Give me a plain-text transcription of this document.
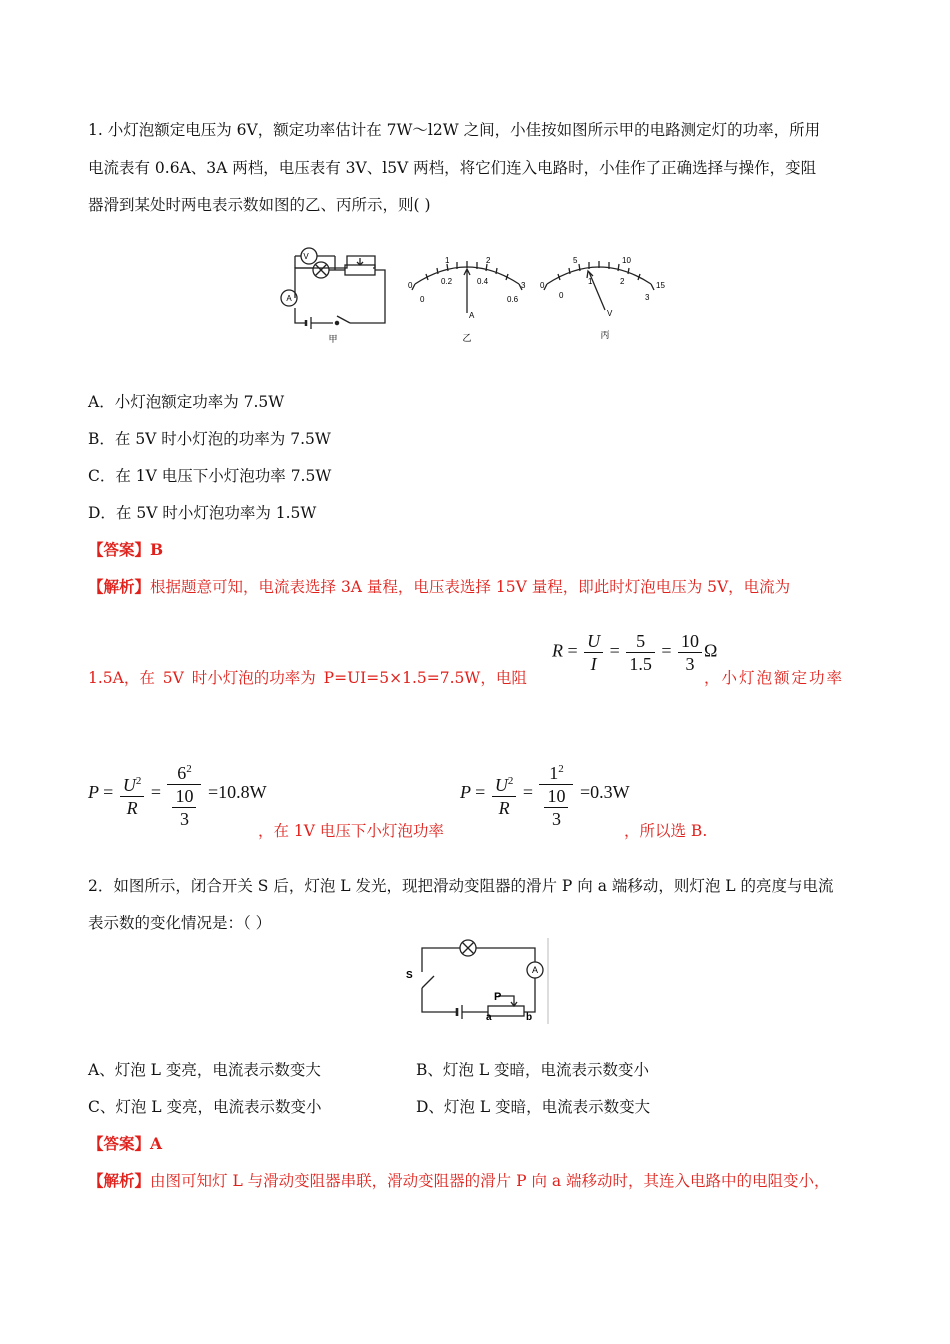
1. 小灯泡额定电压为 6V，额定功率估计在 7W～l2W 之间，小佳按如图所示甲的电路测定灯的功率，所用
电流表有 0.6A、3A 两档，电压表有 3V、l5V 两档，将它们连入电路时，小佳作了正确选择与操作，变阻
器滑到某处时两电表示数如图的乙、丙所示，则( )
V
A
甲
0
1	2
3
0
0.2	0.4
0.6
A
乙
0
5	10
15
0
1	2
3
V
丙
A．小灯泡额定功率为 7.5W
B．在 5V 时小灯泡的功率为 7.5W
C．在 1V 电压下小灯泡功率 7.5W
D．在 5V 时小灯泡功率为 1.5W
【答案】B
【解析】根据题意可知，电流表选择 3A 量程，电压表选择 15V 量程，即此时灯泡电压为 5V，电流为
1.5A，在 5V 时小灯泡的功率为 P=UI=5×1.5=7.5W，电阻
$R = \frac{U}{I} = \frac{5}{1.5} = \frac{10}{3}$ Ω
，小灯泡额定功率
$P = \frac{U^2}{R} = \frac{6^2}{\frac{10}{3}} =10.8W$
，在 1V 电压下小灯泡功率
$P = \frac{U^2}{R} = \frac{1^2}{\frac{10}{3}} =0.3W$
，所以选 B.
2．如图所示，闭合开关 S 后，灯泡 L 发光，现把滑动变阻器的滑片 P 向 a 端移动，则灯泡 L 的亮度与电流
表示数的变化情况是：（ ）
S
P
a	b
A
A、灯泡 L 变亮，电流表示数变大	B、灯泡 L 变暗，电流表示数变小
C、灯泡 L 变亮，电流表示数变小	D、灯泡 L 变暗，电流表示数变大
【答案】A
【解析】由图可知灯 L 与滑动变阻器串联，滑动变阻器的滑片 P 向 a 端移动时，其连入电路中的电阻变小，
